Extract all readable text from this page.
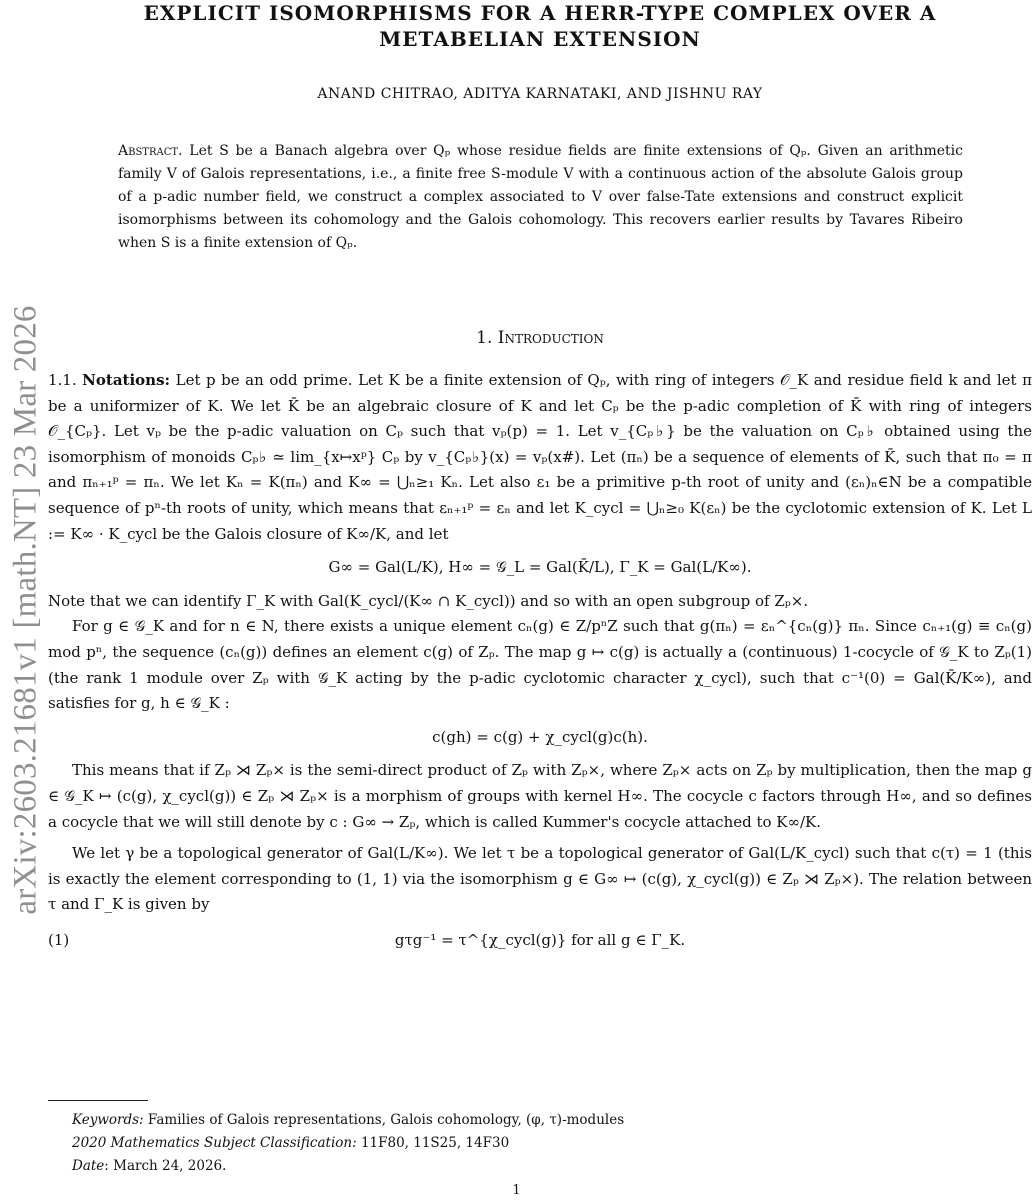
arXiv:2603.21681v1 [math.NT] 23 Mar 2026
EXPLICIT ISOMORPHISMS FOR A HERR-TYPE COMPLEX OVER A
METABELIAN EXTENSION
ANAND CHITRAO, ADITYA KARNATAKI, AND JISHNU RAY
Abstract. Let S be a Banach algebra over Qₚ whose residue fields are finite extensions of Qₚ. Given an arithmetic family V of Galois representations, i.e., a finite free S-module V with a continuous action of the absolute Galois group of a p-adic number field, we construct a complex associated to V over false-Tate extensions and construct explicit isomorphisms between its cohomology and the Galois cohomology. This recovers earlier results by Tavares Ribeiro when S is a finite extension of Qₚ.
1. Introduction

1.1. Notations: Let p be an odd prime. Let K be a finite extension of Qₚ, with ring of integers 𝒪_K and residue field k and let π be a uniformizer of K. We let K̄ be an algebraic closure of K and let Cₚ be the p-adic completion of K̄ with ring of integers 𝒪_{Cₚ}. Let vₚ be the p-adic valuation on Cₚ such that vₚ(p) = 1. Let v_{Cₚ♭} be the valuation on Cₚ♭ obtained using the isomorphism of monoids Cₚ♭ ≃ lim_{x↦xᵖ} Cₚ by v_{Cₚ♭}(x) = vₚ(x#). Let (πₙ) be a sequence of elements of K̄, such that π₀ = π and πₙ₊₁ᵖ = πₙ. We let Kₙ = K(πₙ) and K∞ = ⋃ₙ≥₁ Kₙ. Let also ε₁ be a primitive p-th root of unity and (εₙ)ₙ∈N be a compatible sequence of pⁿ-th roots of unity, which means that εₙ₊₁ᵖ = εₙ and let K_cycl = ⋃ₙ≥₀ K(εₙ) be the cyclotomic extension of K. Let L := K∞ · K_cycl be the Galois closure of K∞/K, and let

G∞ = Gal(L/K), H∞ = 𝒢_L = Gal(K̄/L), Γ_K = Gal(L/K∞).

Note that we can identify Γ_K with Gal(K_cycl/(K∞ ∩ K_cycl)) and so with an open subgroup of Zₚ×.

For g ∈ 𝒢_K and for n ∈ N, there exists a unique element cₙ(g) ∈ Z/pⁿZ such that g(πₙ) = εₙ^{cₙ(g)} πₙ. Since cₙ₊₁(g) ≡ cₙ(g) mod pⁿ, the sequence (cₙ(g)) defines an element c(g) of Zₚ. The map g ↦ c(g) is actually a (continuous) 1-cocycle of 𝒢_K to Zₚ(1) (the rank 1 module over Zₚ with 𝒢_K acting by the p-adic cyclotomic character χ_cycl), such that c⁻¹(0) = Gal(K̄/K∞), and satisfies for g, h ∈ 𝒢_K :

c(gh) = c(g) + χ_cycl(g)c(h).

This means that if Zₚ ⋊ Zₚ× is the semi-direct product of Zₚ with Zₚ×, where Zₚ× acts on Zₚ by multiplication, then the map g ∈ 𝒢_K ↦ (c(g), χ_cycl(g)) ∈ Zₚ ⋊ Zₚ× is a morphism of groups with kernel H∞. The cocycle c factors through H∞, and so defines a cocycle that we will still denote by c : G∞ → Zₚ, which is called Kummer's cocycle attached to K∞/K.

We let γ be a topological generator of Gal(L/K∞). We let τ be a topological generator of Gal(L/K_cycl) such that c(τ) = 1 (this is exactly the element corresponding to (1, 1) via the isomorphism g ∈ G∞ ↦ (c(g), χ_cycl(g)) ∈ Zₚ ⋊ Zₚ×). The relation between τ and Γ_K is given by

(1)	gτg⁻¹ = τ^{χ_cycl(g)} for all g ∈ Γ_K.
Keywords: Families of Galois representations, Galois cohomology, (φ, τ)-modules
2020 Mathematics Subject Classification: 11F80, 11S25, 14F30
Date: March 24, 2026.
1
